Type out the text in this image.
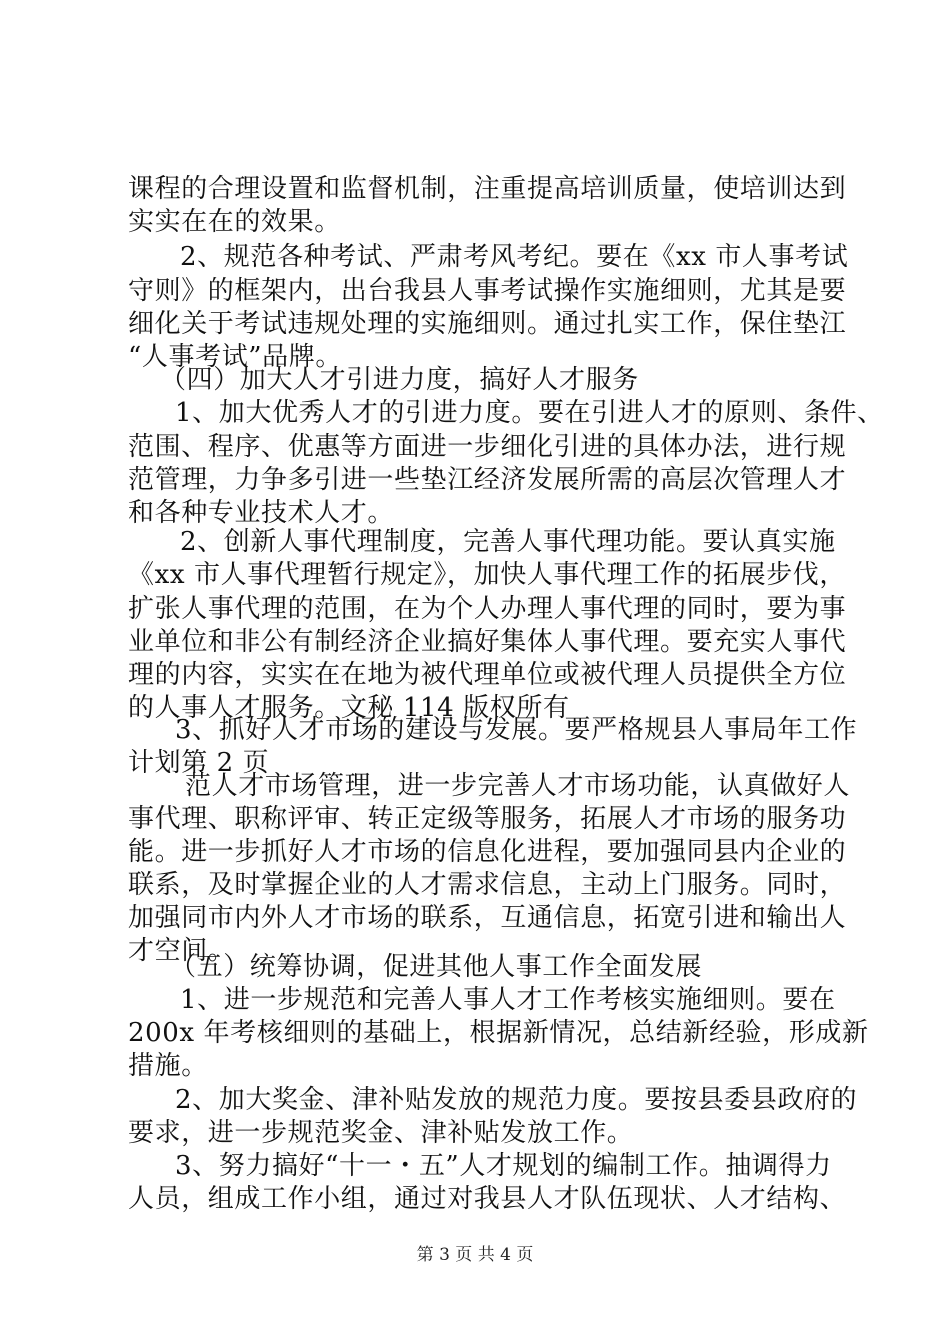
课程的合理设置和监督机制，注重提高培训质量，使培训达到

实实在在的效果。

2、规范各种考试、严肃考风考纪。要在《xx 市人事考试

守则》的框架内，出台我县人事考试操作实施细则，尤其是要

细化关于考试违规处理的实施细则。通过扎实工作，保住垫江

“人事考试”品牌。

（四）加大人才引进力度，搞好人才服务

1、加大优秀人才的引进力度。要在引进人才的原则、条件、

范围、程序、优惠等方面进一步细化引进的具体办法，进行规

范管理，力争多引进一些垫江经济发展所需的高层次管理人才

和各种专业技术人才。

2、创新人事代理制度，完善人事代理功能。要认真实施

《xx 市人事代理暂行规定》，加快人事代理工作的拓展步伐，

扩张人事代理的范围，在为个人办理人事代理的同时，要为事

业单位和非公有制经济企业搞好集体人事代理。要充实人事代

理的内容，实实在在地为被代理单位或被代理人员提供全方位

的人事人才服务。文秘 114 版权所有

3、抓好人才市场的建设与发展。要严格规县人事局年工作

计划第 2 页

范人才市场管理，进一步完善人才市场功能，认真做好人

事代理、职称评审、转正定级等服务，拓展人才市场的服务功

能。进一步抓好人才市场的信息化进程，要加强同县内企业的

联系，及时掌握企业的人才需求信息，主动上门服务。同时，

加强同市内外人才市场的联系，互通信息，拓宽引进和输出人

才空间。

（五）统筹协调，促进其他人事工作全面发展

1、进一步规范和完善人事人才工作考核实施细则。要在

200x 年考核细则的基础上，根据新情况，总结新经验，形成新

措施。

2、加大奖金、津补贴发放的规范力度。要按县委县政府的

要求，进一步规范奖金、津补贴发放工作。

3、努力搞好“十一・五”人才规划的编制工作。抽调得力

人员，组成工作小组，通过对我县人才队伍现状、人才结构、

第 3 页 共 4 页
